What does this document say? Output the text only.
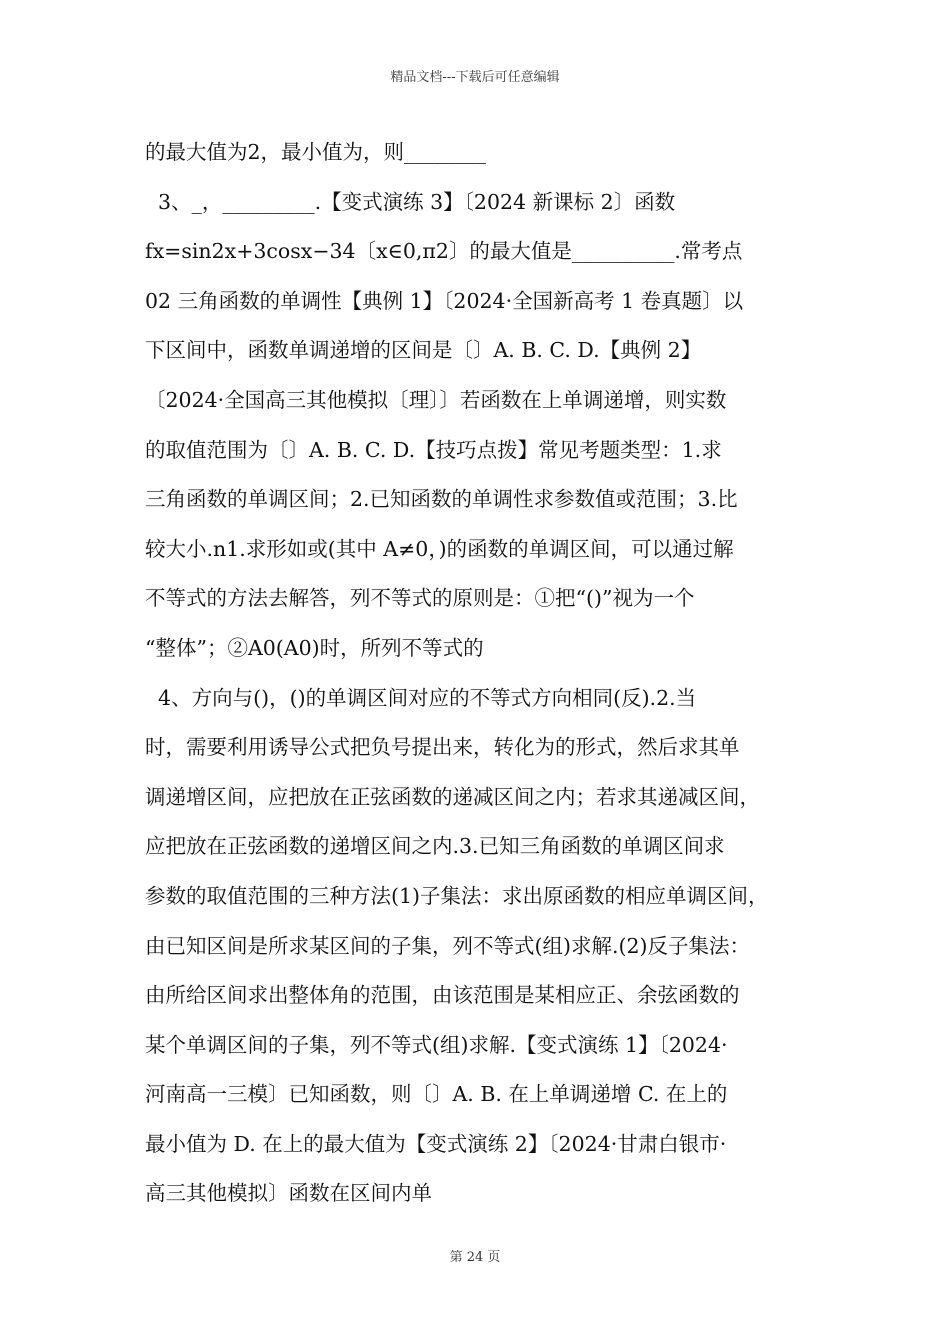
精品文档---下载后可任意编辑
的最大值为2，最小值为，则________
3、_，_________.【变式演练 3】〔2024 新课标 2〕函数
fx=sin2x+3cosx−34〔x∈0,π2〕的最大值是__________.常考点
02 三角函数的单调性【典例 1】〔2024·全国新高考 1 卷真题〕以
下区间中，函数单调递增的区间是〔〕A. B. C. D.【典例 2】
〔2024·全国高三其他模拟〔理〕〕若函数在上单调递增，则实数
的取值范围为〔〕A. B. C. D.【技巧点拨】常见考题类型：1.求
三角函数的单调区间；2.已知函数的单调性求参数值或范围；3.比
较大小.n1.求形如或(其中 A≠0，)的函数的单调区间，可以通过解
不等式的方法去解答，列不等式的原则是：①把“()”视为一个
“整体”；②A0(A0)时，所列不等式的
4、方向与()，()的单调区间对应的不等式方向相同(反).2.当
时，需要利用诱导公式把负号提出来，转化为的形式，然后求其单
调递增区间，应把放在正弦函数的递减区间之内；若求其递减区间，
应把放在正弦函数的递增区间之内.3.已知三角函数的单调区间求
参数的取值范围的三种方法(1)子集法：求出原函数的相应单调区间，
由已知区间是所求某区间的子集，列不等式(组)求解.(2)反子集法：
由所给区间求出整体角的范围，由该范围是某相应正、余弦函数的
某个单调区间的子集，列不等式(组)求解.【变式演练 1】〔2024·
河南高一三模〕已知函数，则〔〕A. B. 在上单调递增 C. 在上的
最小值为 D. 在上的最大值为【变式演练 2】〔2024·甘肃白银市·
高三其他模拟〕函数在区间内单
第 24 页
